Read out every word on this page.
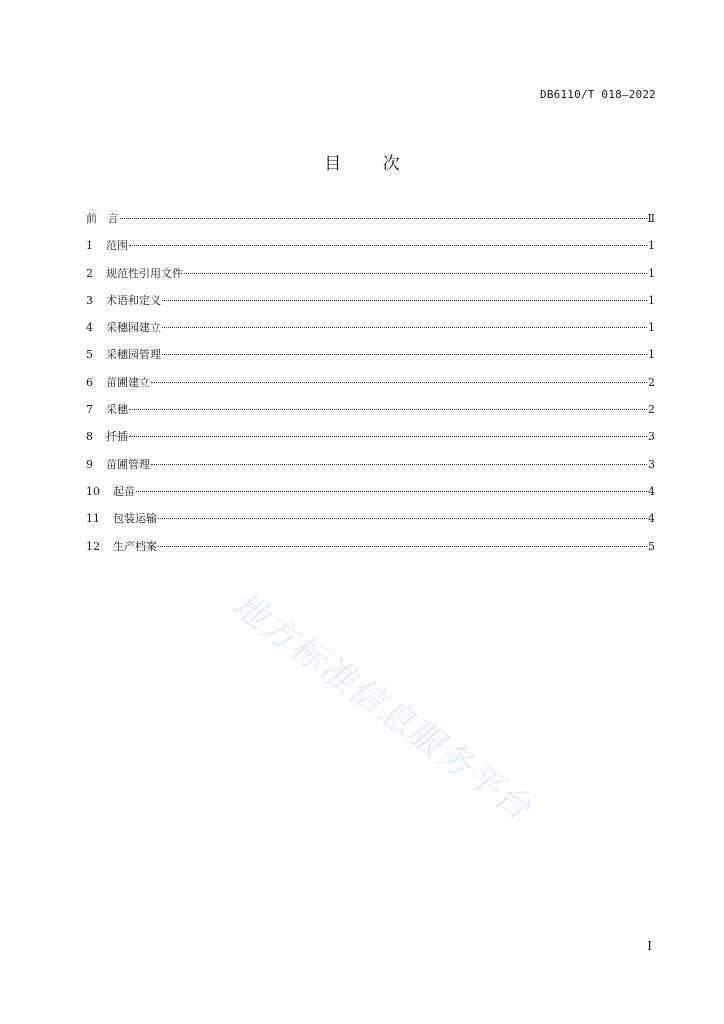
DB6110/T 018—2022
目 次
前   言	Ⅱ
1	范围	1
2	规范性引用文件	1
3	术语和定义	1
4	采穗园建立	1
5	采穗园管理	1
6	苗圃建立	2
7	采穗	2
8	扦插	3
9	苗圃管理	3
10	起苗	4
11	包装运输	4
12	生产档案	5
地方标准信息服务平台
I
